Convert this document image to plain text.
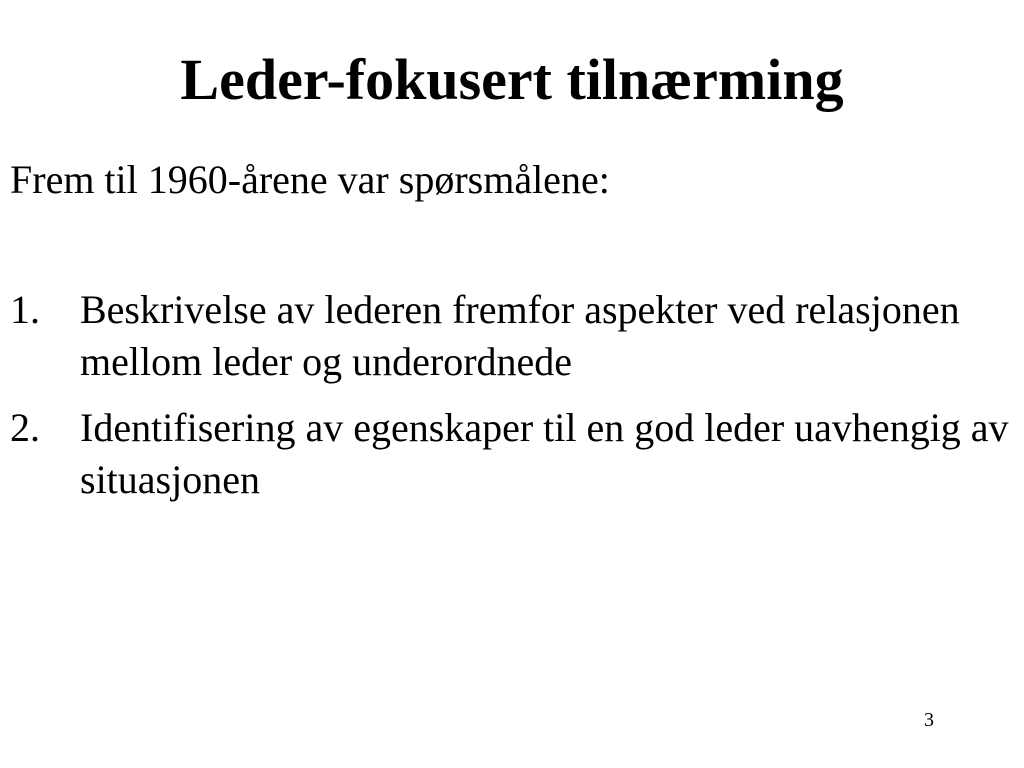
Leder-fokusert tilnærming

Frem til 1960-årene var spørsmålene:

1. Beskrivelse av lederen fremfor aspekter ved relasjonen mellom leder og underordnede
2. Identifisering av egenskaper til en god leder uavhengig av situasjonen
3
